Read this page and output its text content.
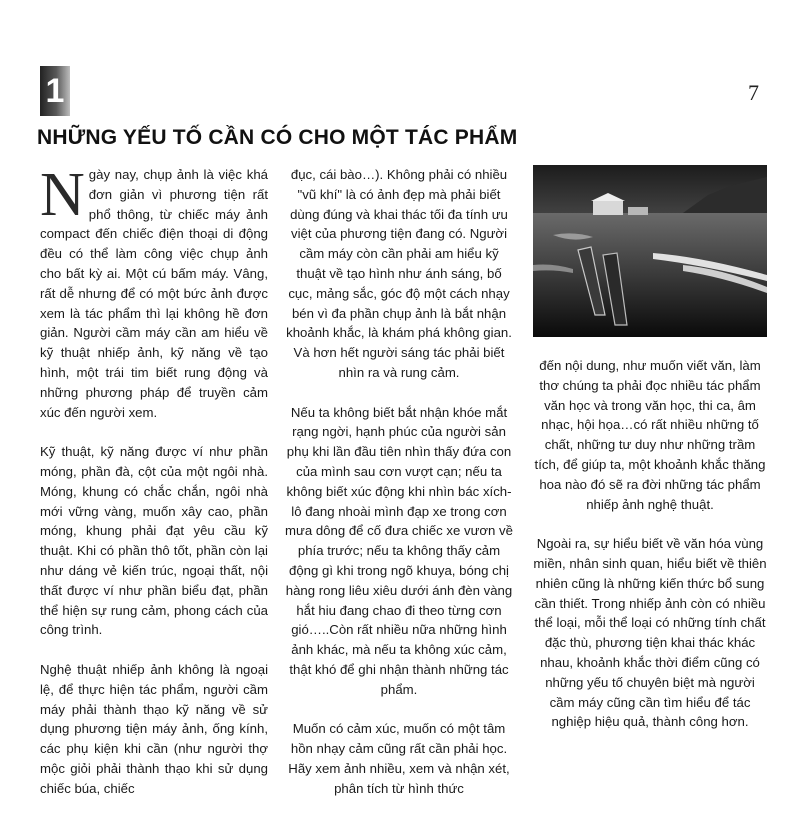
1	7
NHỮNG YẾU TỐ CẦN CÓ CHO MỘT TÁC PHẨM

Ngày nay, chụp ảnh là việc khá đơn giản vì phương tiện rất phổ thông, từ chiếc máy ảnh compact đến chiếc điện thoại di động đều có thể làm công việc chụp ảnh cho bất kỳ ai. Một cú bấm máy. Vâng, rất dễ nhưng để có một bức ảnh được xem là tác phẩm thì lại không hề đơn giản. Người cầm máy cần am hiểu về kỹ thuật nhiếp ảnh, kỹ năng về tạo hình, một trái tim biết rung động và những phương pháp để truyền cảm xúc đến người xem.

Kỹ thuật, kỹ năng được ví như phần móng, phần đà, cột của một ngôi nhà. Móng, khung có chắc chắn, ngôi nhà mới vững vàng, muốn xây cao, phần móng, khung phải đạt yêu cầu kỹ thuật. Khi có phần thô tốt, phần còn lại như dáng vẻ kiến trúc, ngoại thất, nội thất được ví như phần biểu đạt, phần thể hiện sự rung cảm, phong cách của công trình.

Nghệ thuật nhiếp ảnh không là ngoại lệ, để thực hiện tác phẩm, người cầm máy phải thành thạo kỹ năng về sử dụng phương tiện máy ảnh, ống kính, các phụ kiện khi cần (như người thợ mộc giỏi phải thành thạo khi sử dụng chiếc búa, chiếc

đục, cái bào…). Không phải có nhiều "vũ khí" là có ảnh đẹp mà phải biết dùng đúng và khai thác tối đa tính ưu việt của phương tiện đang có. Người cầm máy còn cần phải am hiểu kỹ thuật về tạo hình như ánh sáng, bố cục, mảng sắc, góc độ một cách nhạy bén vì đa phần chụp ảnh là bắt nhận khoảnh khắc, là khám phá không gian. Và hơn hết người sáng tác phải biết nhìn ra và rung cảm.

Nếu ta không biết bắt nhận khóe mắt rạng ngời, hạnh phúc của người sản phụ khi lần đầu tiên nhìn thấy đứa con của mình sau cơn vượt cạn; nếu ta không biết xúc động khi nhìn bác xích-lô đang nhoài mình đạp xe trong cơn mưa dông để cố đưa chiếc xe vươn về phía trước; nếu ta không thấy cảm động gì khi trong ngõ khuya, bóng chị hàng rong liêu xiêu dưới ánh đèn vàng hắt hiu đang chao đi theo từng cơn gió…..Còn rất nhiều nữa những hình ảnh khác, mà nếu ta không xúc cảm, thật khó để ghi nhận thành những tác phẩm.

Muốn có cảm xúc, muốn có một tâm hồn nhạy cảm cũng rất cần phải học. Hãy xem ảnh nhiều, xem và nhận xét, phân tích từ hình thức

đến nội dung, như muốn viết văn, làm thơ chúng ta phải đọc nhiều tác phẩm văn học và trong văn học, thi ca, âm nhạc, hội họa…có rất nhiều những tố chất, những tư duy như những trầm tích, để giúp ta, một khoảnh khắc thăng hoa nào đó sẽ ra đời những tác phẩm nhiếp ảnh nghệ thuật.

Ngoài ra, sự hiểu biết về văn hóa vùng miền, nhân sinh quan, hiểu biết về thiên nhiên cũng là những kiến thức bổ sung cần thiết. Trong nhiếp ảnh còn có nhiều thể loại, mỗi thể loại có những tính chất đặc thù, phương tiện khai thác khác nhau, khoảnh khắc thời điểm cũng có những yếu tố chuyên biệt mà người cầm máy cũng cần tìm hiểu để tác nghiệp hiệu quả, thành công hơn.
